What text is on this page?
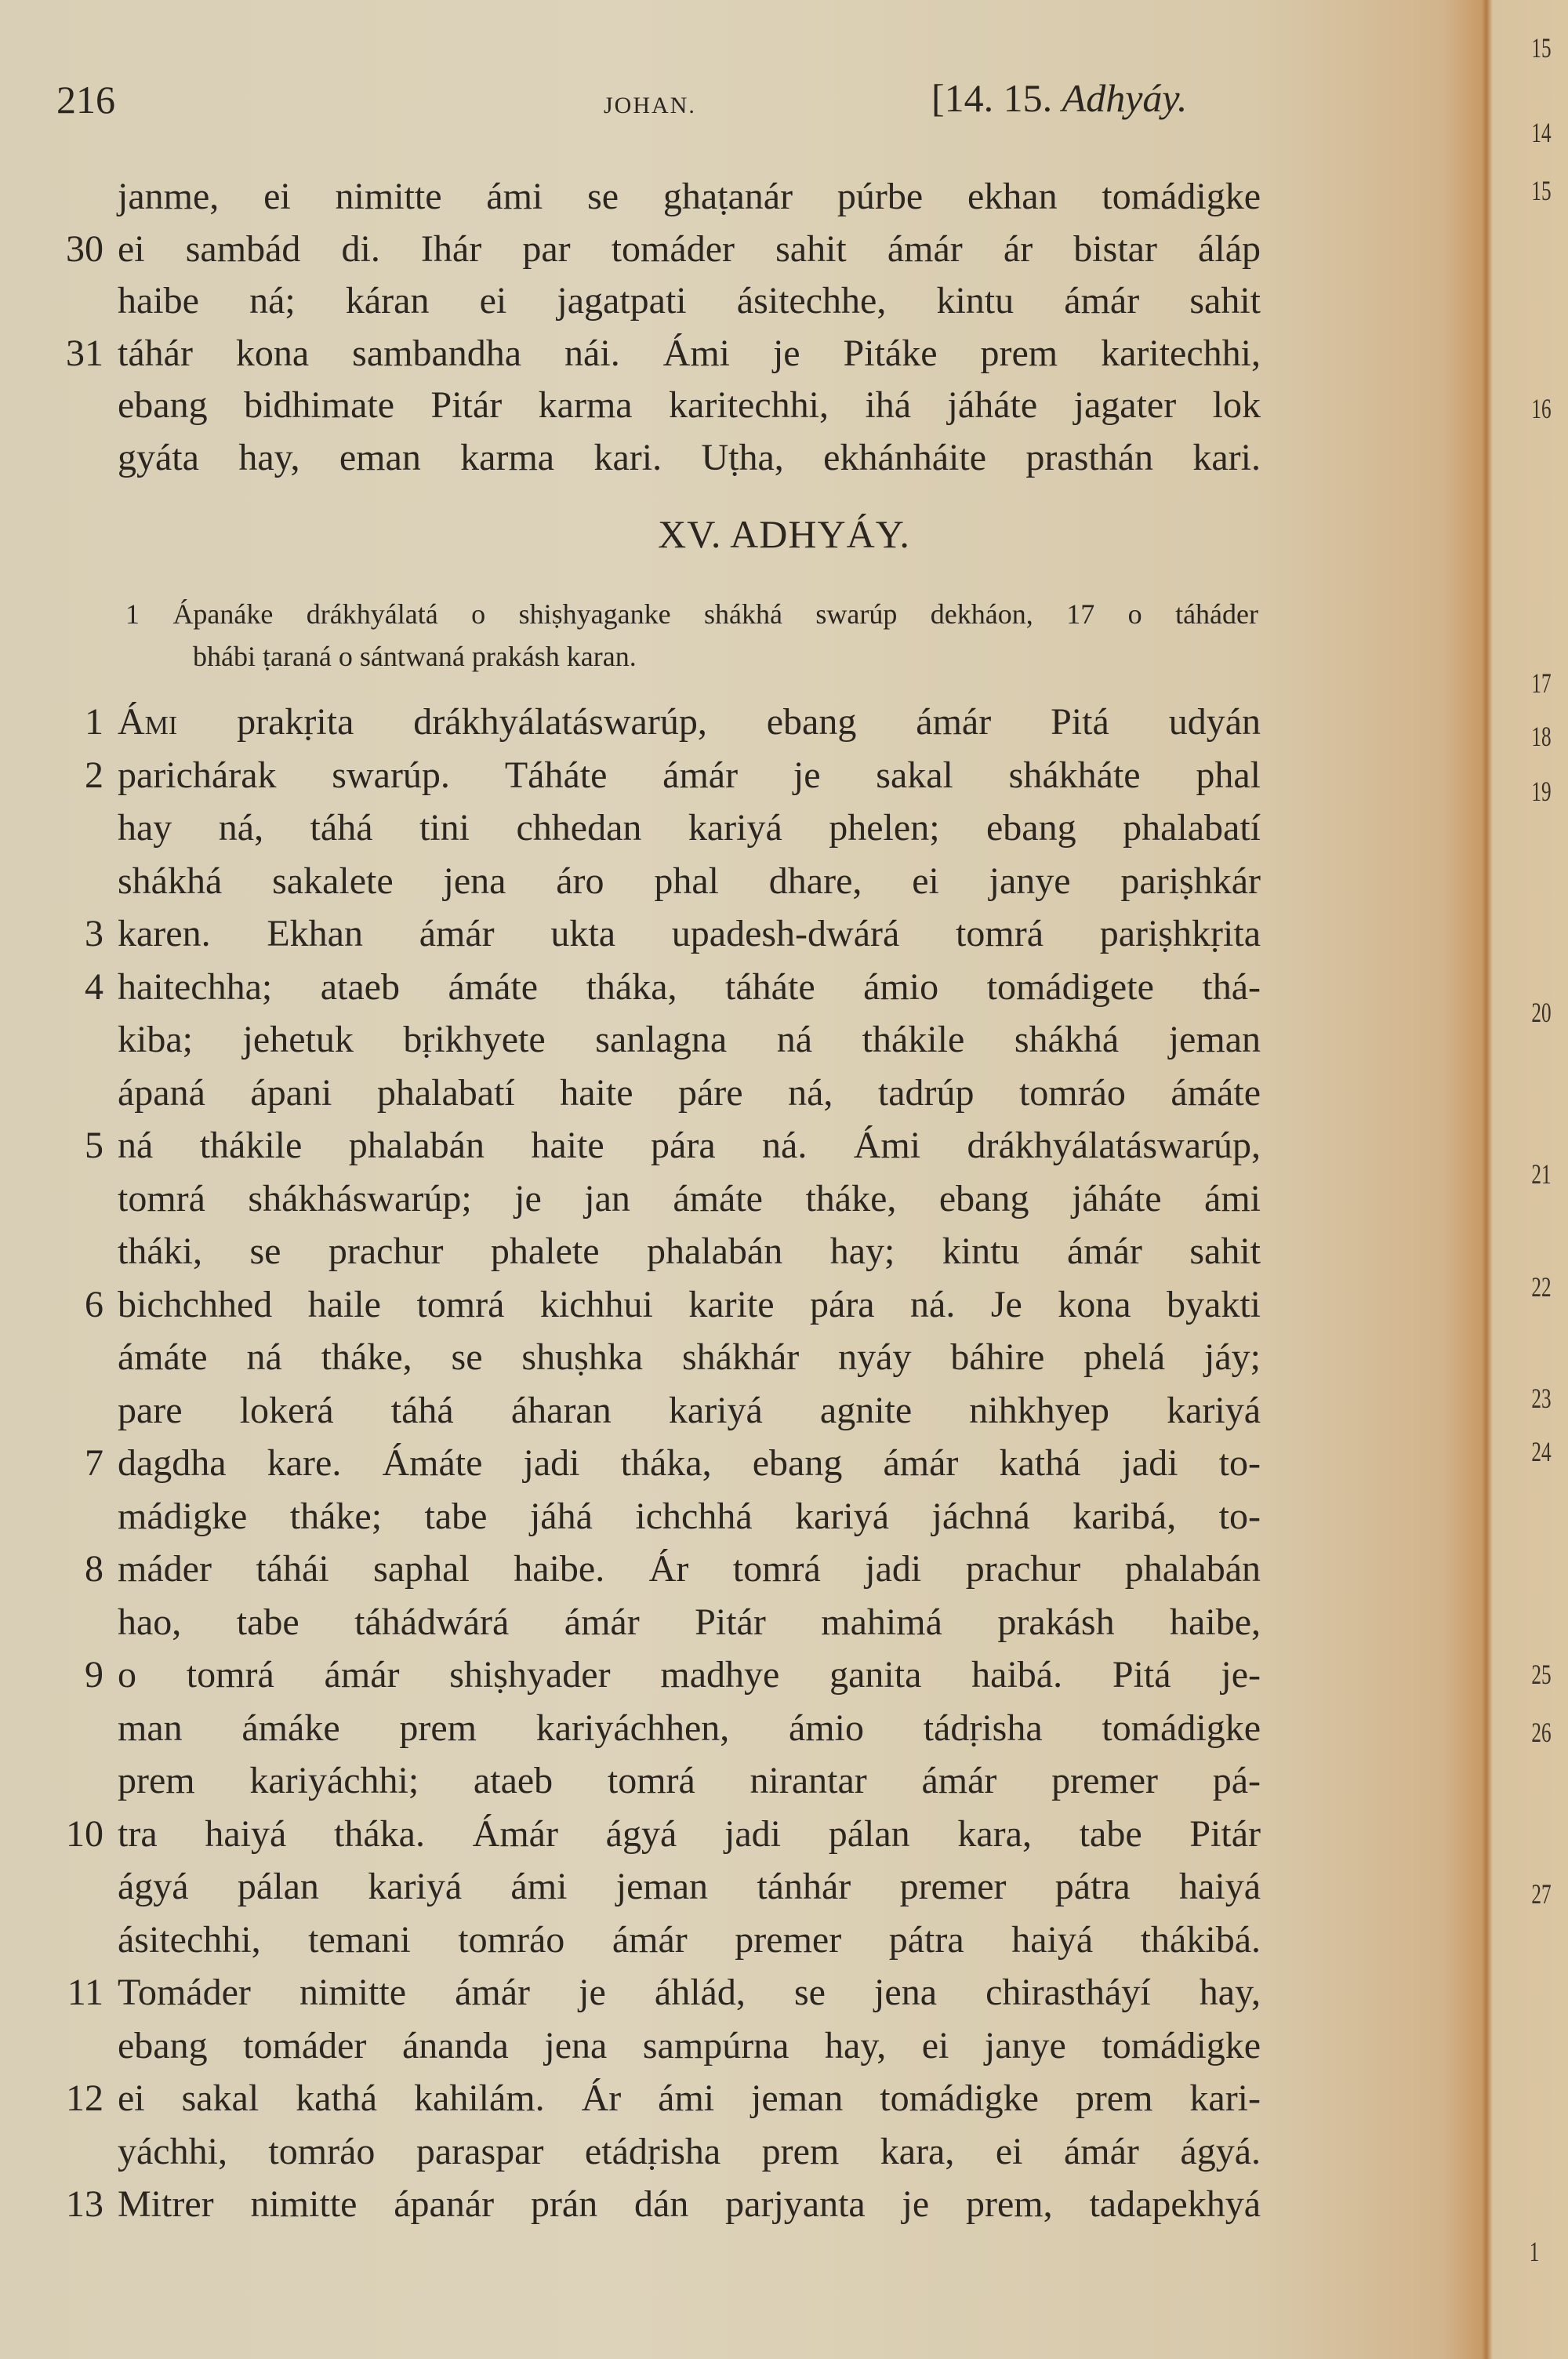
216	JOHAN.	[14. 15. Adhyáy.
janme, ei nimitte ámi se ghaṭanár púrbe ekhan tomádigke
30 ei sambád di. Ihár par tomáder sahit ámár ár bistar áláp
haibe ná; káran ei jagatpati ásitechhe, kintu ámár sahit
31 táhár kona sambandha nái. Ámi je Pitáke prem karitechhi,
ebang bidhimate Pitár karma karitechhi, ihá jáháte jagater lok
gyáta hay, eman karma kari. Uṭha, ekhánháite prasthán kari.
XV. ADHYÁY.
1 Ápanáke drákhyálatá o shiṣhyaganke shákhá swarúp dekháon, 17 o táháder
bhábi ṭaraná o sántwaná prakásh karan.
1 Ámi prakṛita drákhyálatáswarúp, ebang ámár Pitá udyán
2 parichárak swarúp. Táháte ámár je sakal shákháte phal
hay ná, táhá tini chhedan kariyá phelen; ebang phalabatí
shákhá sakalete jena áro phal dhare, ei janye pariṣhkár
3 karen. Ekhan ámár ukta upadesh-dwárá tomrá pariṣhkṛita
4 haitechha; ataeb ámáte tháka, táháte ámio tomádigete thá-
kiba; jehetuk bṛikhyete sanlagna ná thákile shákhá jeman
ápaná ápani phalabatí haite páre ná, tadrúp tomráo ámáte
5 ná thákile phalabán haite pára ná. Ámi drákhyálatáswarúp,
tomrá shákháswarúp; je jan ámáte tháke, ebang jáháte ámi
tháki, se prachur phalete phalabán hay; kintu ámár sahit
6 bichchhed haile tomrá kichhui karite pára ná. Je kona byakti
ámáte ná tháke, se shuṣhka shákhár nyáy báhire phelá jáy;
pare lokerá táhá áharan kariyá agnite nihkhyep kariyá
7 dagdha kare. Ámáte jadi tháka, ebang ámár kathá jadi to-
mádigke tháke; tabe jáhá ichchhá kariyá jáchná karibá, to-
8 máder táhái saphal haibe. Ár tomrá jadi prachur phalabán
hao, tabe táhádwárá ámár Pitár mahimá prakásh haibe,
9 o tomrá ámár shiṣhyader madhye ganita haibá. Pitá je-
man ámáke prem kariyáchhen, ámio tádṛisha tomádigke
prem kariyáchhi; ataeb tomrá nirantar ámár premer pá-
10 tra haiyá tháka. Ámár ágyá jadi pálan kara, tabe Pitár
ágyá pálan kariyá ámi jeman tánhár premer pátra haiyá
ásitechhi, temani tomráo ámár premer pátra haiyá thákibá.
11 Tomáder nimitte ámár je áhlád, se jena chirastháyí hay,
ebang tomáder ánanda jena sampúrna hay, ei janye tomádigke
12 ei sakal kathá kahilám. Ár ámi jeman tomádigke prem kari-
yáchhi, tomráo paraspar etádṛisha prem kara, ei ámár ágyá.
13 Mitrer nimitte ápanár prán dán parjyanta je prem, tadapekhyá
15
14
15
16
17
18
19
20
21
22
23
24
25
26
27
1
